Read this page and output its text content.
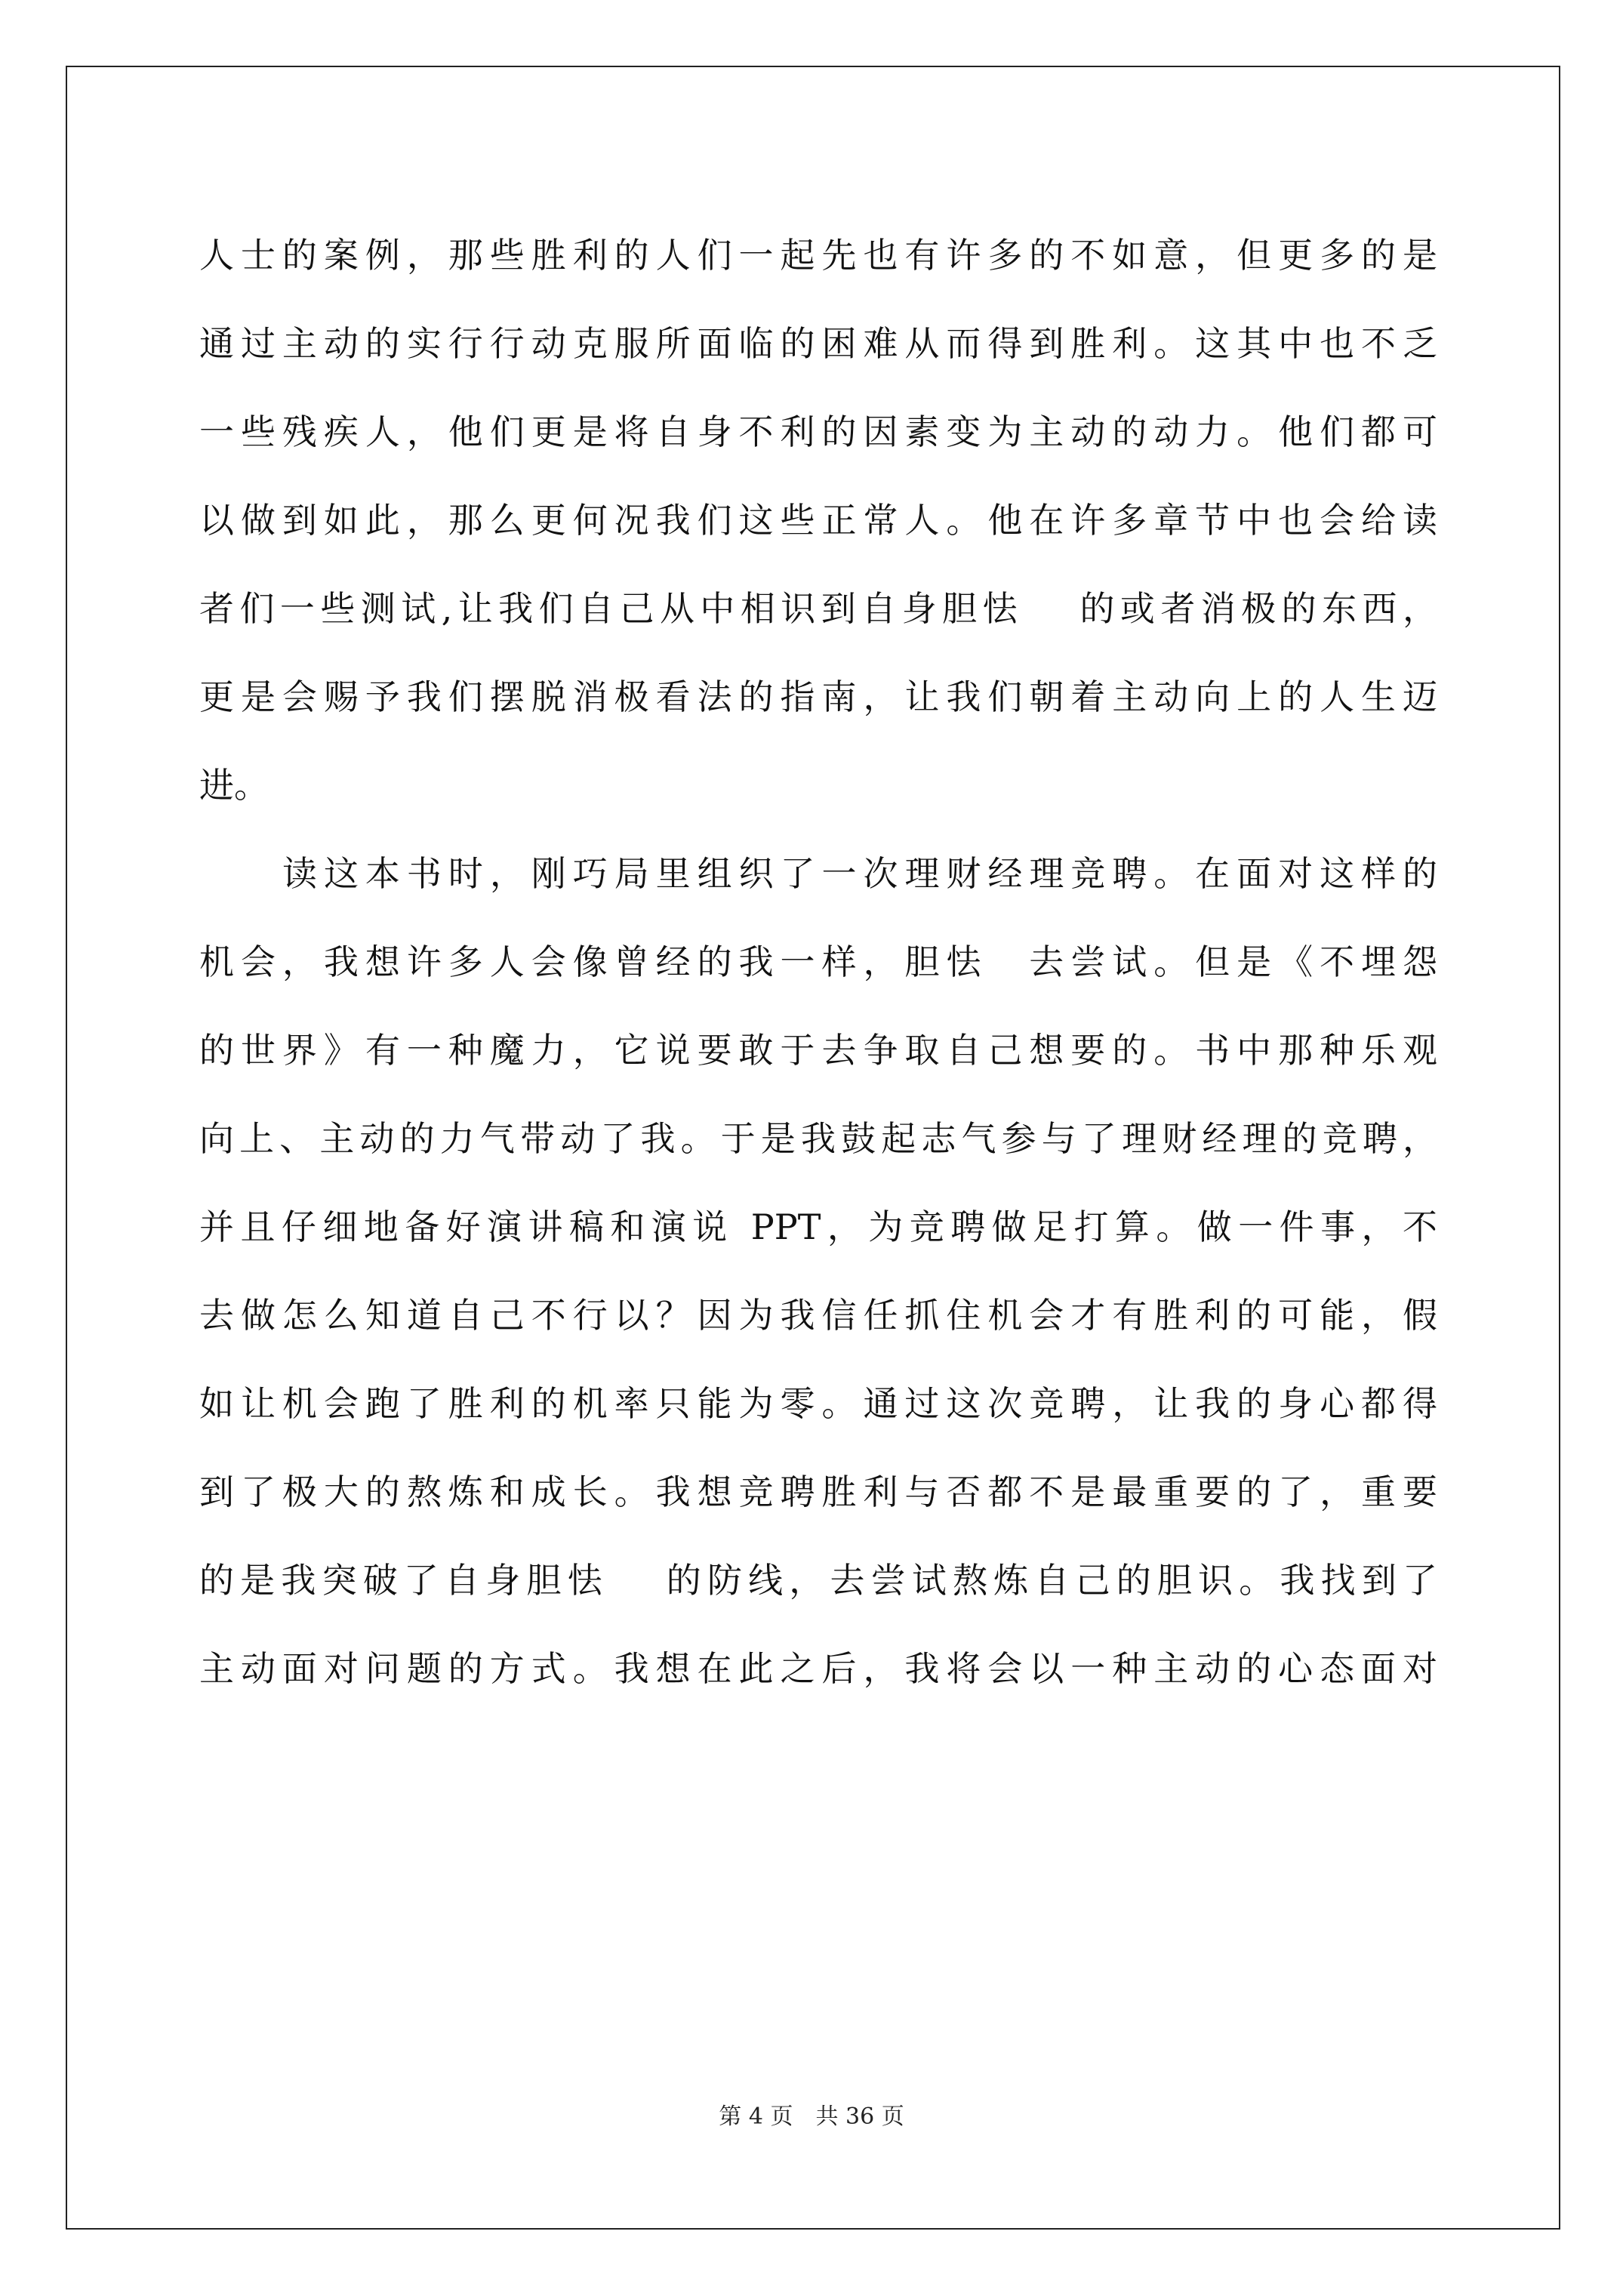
人士的案例，那些胜利的人们一起先也有许多的不如意，但更多的是
通过主动的实行行动克服所面临的困难从而得到胜利。这其中也不乏
一些残疾人，他们更是将自身不利的因素变为主动的动力。他们都可
以做到如此，那么更何况我们这些正常人。他在许多章节中也会给读
者们一些测试,让我们自己从中相识到自身胆怯　 的或者消极的东西，
更是会赐予我们摆脱消极看法的指南，让我们朝着主动向上的人生迈
进。
读这本书时，刚巧局里组织了一次理财经理竞聘。在面对这样的
机会，我想许多人会像曾经的我一样，胆怯　去尝试。但是《不埋怨
的世界》有一种魔力，它说要敢于去争取自己想要的。书中那种乐观
向上、主动的力气带动了我。于是我鼓起志气参与了理财经理的竞聘，
并且仔细地备好演讲稿和演说 PPT，为竞聘做足打算。做一件事，不
去做怎么知道自己不行以？因为我信任抓住机会才有胜利的可能，假
如让机会跑了胜利的机率只能为零。通过这次竞聘，让我的身心都得
到了极大的熬炼和成长。我想竞聘胜利与否都不是最重要的了，重要
的是我突破了自身胆怯　 的防线，去尝试熬炼自己的胆识。我找到了
主动面对问题的方式。我想在此之后，我将会以一种主动的心态面对
第 4 页　共 36 页
